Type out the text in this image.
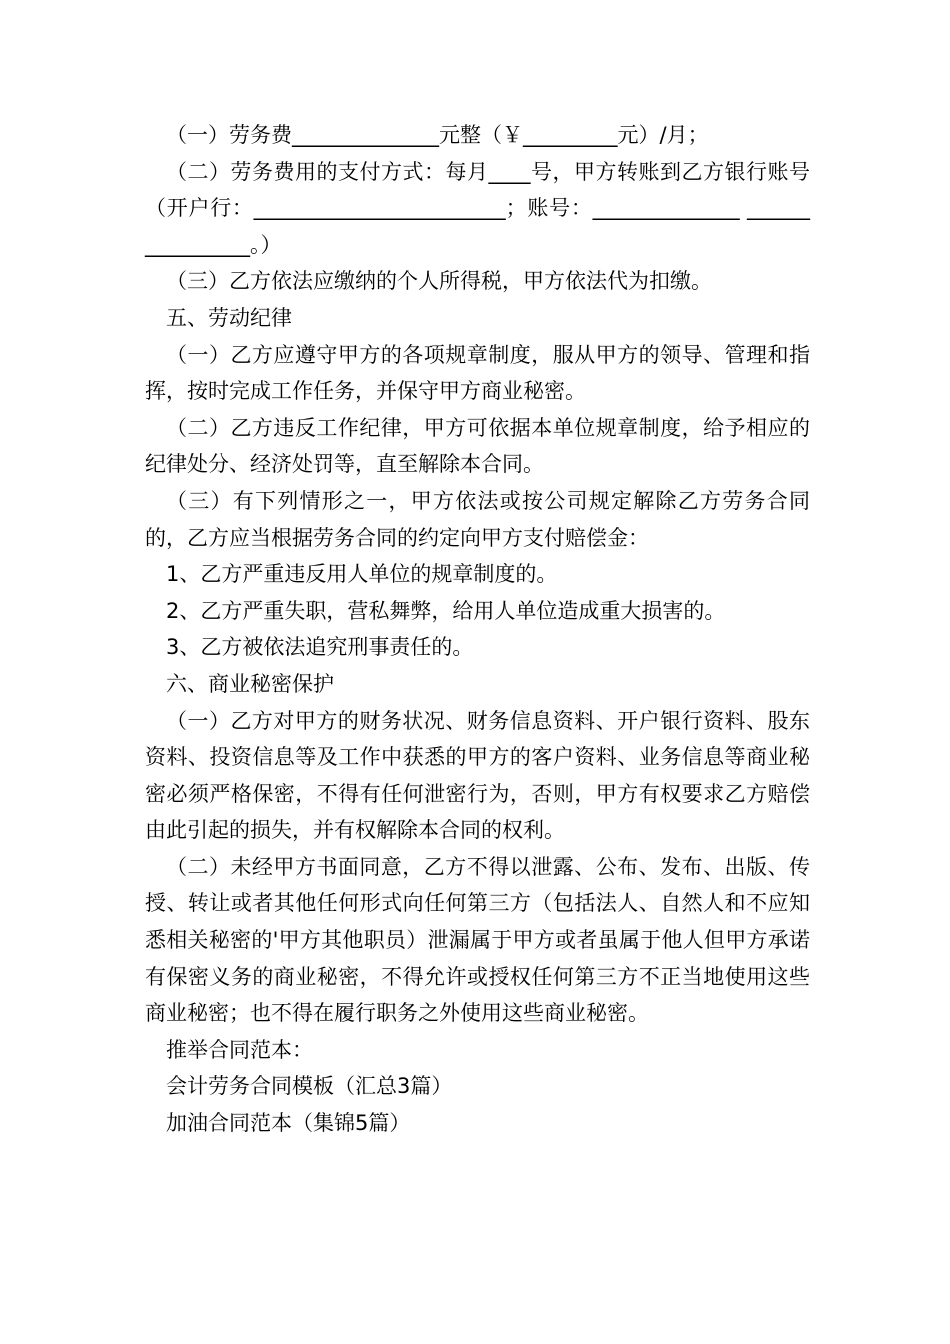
（一）劳务费______________元整（￥_________元）/月；

（二）劳务费用的支付方式：每月____号，甲方转账到乙方银行账号（开户行：________________________；账号：______________ ________________。）

（三）乙方依法应缴纳的个人所得税，甲方依法代为扣缴。

五、劳动纪律

（一）乙方应遵守甲方的各项规章制度，服从甲方的领导、管理和指挥，按时完成工作任务，并保守甲方商业秘密。

（二）乙方违反工作纪律，甲方可依据本单位规章制度，给予相应的纪律处分、经济处罚等，直至解除本合同。

（三）有下列情形之一，甲方依法或按公司规定解除乙方劳务合同的，乙方应当根据劳务合同的约定向甲方支付赔偿金：

1、乙方严重违反用人单位的规章制度的。

2、乙方严重失职，营私舞弊，给用人单位造成重大损害的。

3、乙方被依法追究刑事责任的。

六、商业秘密保护

（一）乙方对甲方的财务状况、财务信息资料、开户银行资料、股东资料、投资信息等及工作中获悉的甲方的客户资料、业务信息等商业秘密必须严格保密，不得有任何泄密行为，否则，甲方有权要求乙方赔偿由此引起的损失，并有权解除本合同的权利。

（二）未经甲方书面同意，乙方不得以泄露、公布、发布、出版、传授、转让或者其他任何形式向任何第三方（包括法人、自然人和不应知悉相关秘密的'甲方其他职员）泄漏属于甲方或者虽属于他人但甲方承诺有保密义务的商业秘密，不得允许或授权任何第三方不正当地使用这些商业秘密；也不得在履行职务之外使用这些商业秘密。

推举合同范本：

会计劳务合同模板（汇总3篇）

加油合同范本（集锦5篇）
